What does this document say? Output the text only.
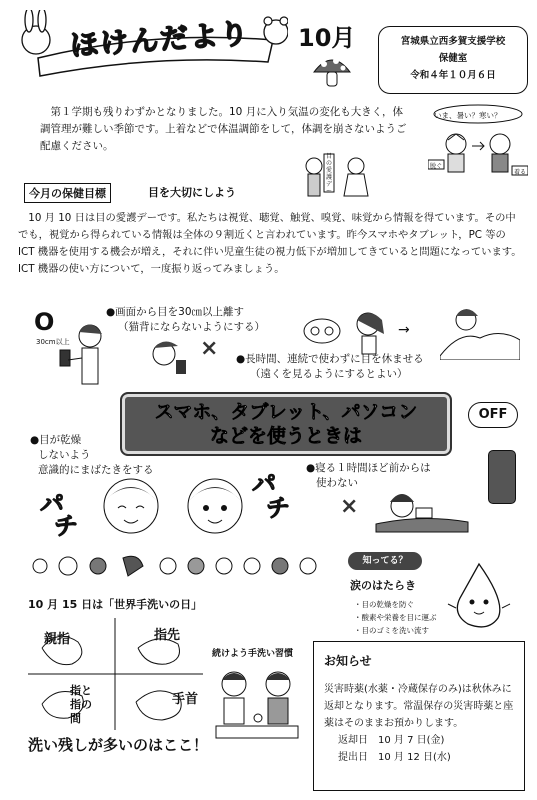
ほけんだより 10月	宮城県立西多賀支援学校
保健室
令和４年１０月６日
第１学期も残りわずかとなりました。10 月に入り気温の変化も大きく，体調管理が難しい季節です。上着などで体温調節をして，体調を崩さないようご配慮ください。
いま、暑い？寒い？
脱ぐ
着る
今月の保健目標	目を大切にしよう
目の愛護デー
10 月 10 日は目の愛護デーです。私たちは視覚、聴覚、触覚、嗅覚、味覚から情報を得ています。その中でも，視覚から得られている情報は全体の９割近くと言われています。昨今スマホやタブレット，PC 等の ICT 機器を使用する機会が増え，それに伴い児童生徒の視力低下が増加してきていると問題になっています。ICT 機器の使い方について，一度振り返ってみましょう。
●画面から目を30㎝以上離す
（猫背にならないようにする）
O
30cm以上	×
→
●長時間、連続で使わずに目を休ませる
（遠くを見るようにするとよい）
スマホ、タブレット、パソコン
などを使うときは
OFF
●目が乾燥
しないよう
意識的にまばたきをする
パ
チ
パ
チ
●寝る１時間ほど前からは
使わない
×
知ってる？
涙のはたらき
・目の乾燥を防ぐ
・酸素や栄養を目に運ぶ
・目のゴミを洗い流す
10 月 15 日は「世界手洗いの日」
親指	指先
指と指の間
手首
洗い残しが多いのはここ！
続けよう手洗い習慣	お知らせ
災害時薬(水薬・冷蔵保存のみ)は秋休みに返却となります。常温保存の災害時薬と座薬はそのままお預かりします。
返却日　10 月 7 日(金)
提出日　10 月 12 日(水)
